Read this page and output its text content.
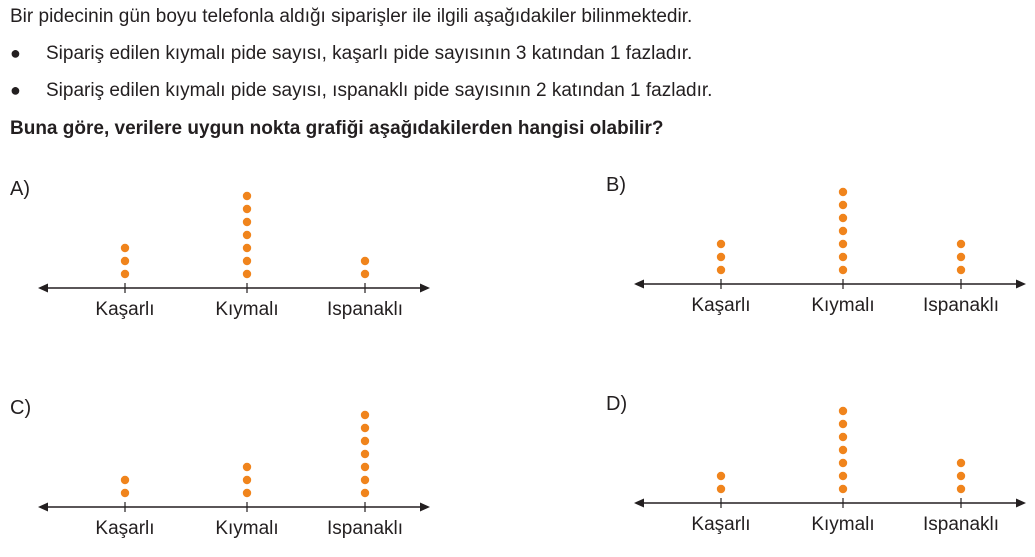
Bir pidecinin gün boyu telefonla aldığı siparişler ile ilgili aşağıdakiler bilinmektedir.
● Sipariş edilen kıymalı pide sayısı, kaşarlı pide sayısının 3 katından 1 fazladır.
● Sipariş edilen kıymalı pide sayısı, ıspanaklı pide sayısının 2 katından 1 fazladır.
Buna göre, verilere uygun nokta grafiği aşağıdakilerden hangisi olabilir?
A)
Kaşarlı	Kıymalı	Ispanaklı
B)
Kaşarlı	Kıymalı	Ispanaklı
C)
Kaşarlı	Kıymalı	Ispanaklı
D)
Kaşarlı	Kıymalı	Ispanaklı
